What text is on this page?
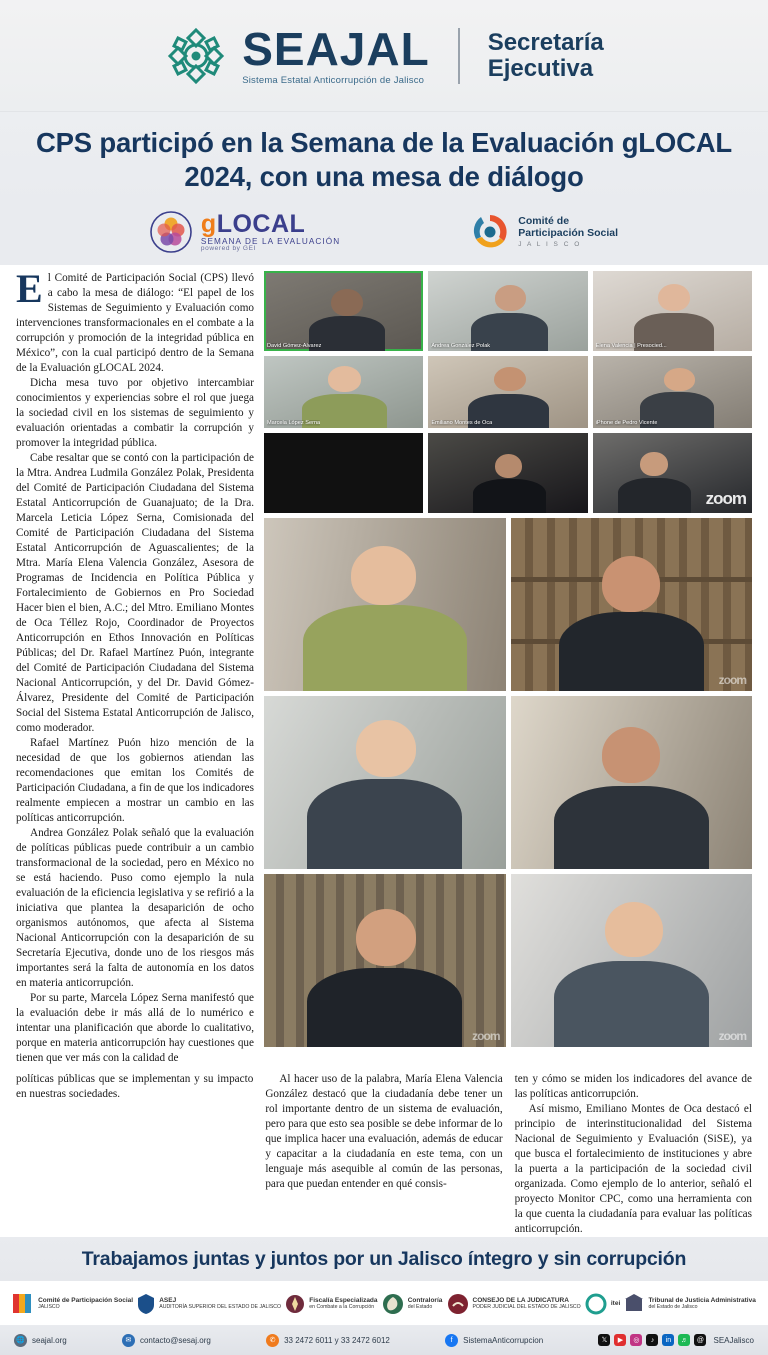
SEAJAL
Sistema Estatal Anticorrupción de Jalisco
Secretaría
Ejecutiva
CPS participó en la Semana de la Evaluación gLOCAL 2024, con una mesa de diálogo
gLOCAL
SEMANA DE LA EVALUACIÓN
powered by GEI
Comité de
Participación Social
J A L I S C O

El Comité de Participación Social (CPS) llevó a cabo la mesa de diálogo: “El papel de los Sistemas de Seguimiento y Evaluación como intervenciones transformacionales en el combate a la corrupción y promoción de la integridad pública en México”, con la cual participó dentro de la Semana de la Evaluación gLOCAL 2024.

Dicha mesa tuvo por objetivo intercambiar conocimientos y experiencias sobre el rol que juega la sociedad civil en los sistemas de seguimiento y evaluación orientadas a combatir la corrupción y promover la integridad pública.

Cabe resaltar que se contó con la participación de la Mtra. Andrea Ludmila González Polak, Presidenta del Comité de Participación Ciudadana del Sistema Estatal Anticorrupción de Guanajuato; de la Dra. Marcela Leticia López Serna, Comisionada del Comité de Participación Ciudadana del Sistema Estatal Anticorrupción de Aguascalientes; de la Mtra. María Elena Valencia González, Asesora de Programas de Incidencia en Política Pública y Fortalecimiento de Gobiernos en Pro Sociedad Hacer bien el bien, A.C.; del Mtro. Emiliano Montes de Oca Téllez Rojo, Coordinador de Proyectos Anticorrupción en Ethos Innovación en Políticas Públicas; del Dr. Rafael Martínez Puón, integrante del Comité de Participación Ciudadana del Sistema Nacional Anticorrupción, y del Dr. David Gómez-Álvarez, Presidente del Comité de Participación Social del Sistema Estatal Anticorrupción de Jalisco, como moderador.

Rafael Martínez Puón hizo mención de la necesidad de que los gobiernos atiendan las recomendaciones que emitan los Comités de Participación Ciudadana, a fin de que los indicadores realmente empiecen a mostrar un cambio en las políticas anticorrupción.

Andrea González Polak señaló que la evaluación de políticas públicas puede contribuir a un cambio transformacional de la sociedad, pero en México no se está haciendo. Puso como ejemplo la nula evaluación de la eficiencia legislativa y se refirió a la iniciativa que plantea la desaparición de ocho organismos autónomos, que afecta al Sistema Nacional Anticorrupción con la desaparición de su Secretaría Ejecutiva, donde uno de los riesgos más importantes será la falta de autonomía en los datos en materia anticorrupción.

Por su parte, Marcela López Serna manifestó que la evaluación debe ir más allá de lo numérico e intentar una planificación que aborde lo cualitativo, porque en materia anticorrupción hay cuestiones que tienen que ver más con la calidad de

David Gómez-Álvarez	Andrea González Polak	Elena Valencia | Presocied...
Marcela López Serna	Emiliano Montes de Oca	iPhone de Pedro Vicente
zoom
zoom
zoom	zoom

políticas públicas que se implementan y su impacto en nuestras sociedades.

Al hacer uso de la palabra, María Elena Valencia González destacó que la ciudadanía debe tener un rol importante dentro de un sistema de evaluación, pero para que esto sea posible se debe informar de lo que implica hacer una evaluación, además de educar y capacitar a la ciudadanía en este tema, con un lenguaje más asequible al común de las personas, para que puedan entender en qué consis-

ten y cómo se miden los indicadores del avance de las políticas anticorrupción.

Así mismo, Emiliano Montes de Oca destacó el principio de interinstitucionalidad del Sistema Nacional de Seguimiento y Evaluación (SiSE), ya que busca el fortalecimiento de instituciones y abre la puerta a la participación de la sociedad civil organizada. Como ejemplo de lo anterior, señaló el proyecto Monitor CPC, como una herramienta con la que cuenta la ciudadanía para evaluar las políticas anticorrupción.

Trabajamos juntas y juntos por un Jalisco íntegro y sin corrupción
Comité de Participación Social
JALISCO
ASEJ
AUDITORÍA SUPERIOR DEL ESTADO DE JALISCO
Fiscalía Especializada
en Combate a la Corrupción
Contraloría
del Estado
CONSEJO DE LA JUDICATURA
PODER JUDICIAL DEL ESTADO DE JALISCO	itei	Tribunal de Justicia Administrativa
del Estado de Jalisco
🌐 seajal.org	✉	contacto@sesaj.org	✆	33 2472 6011 y 33 2472 6012	f	SistemaAnticorrupcion	𝕏	▶	◎	♪	in	♬	@	SEAJalisco
